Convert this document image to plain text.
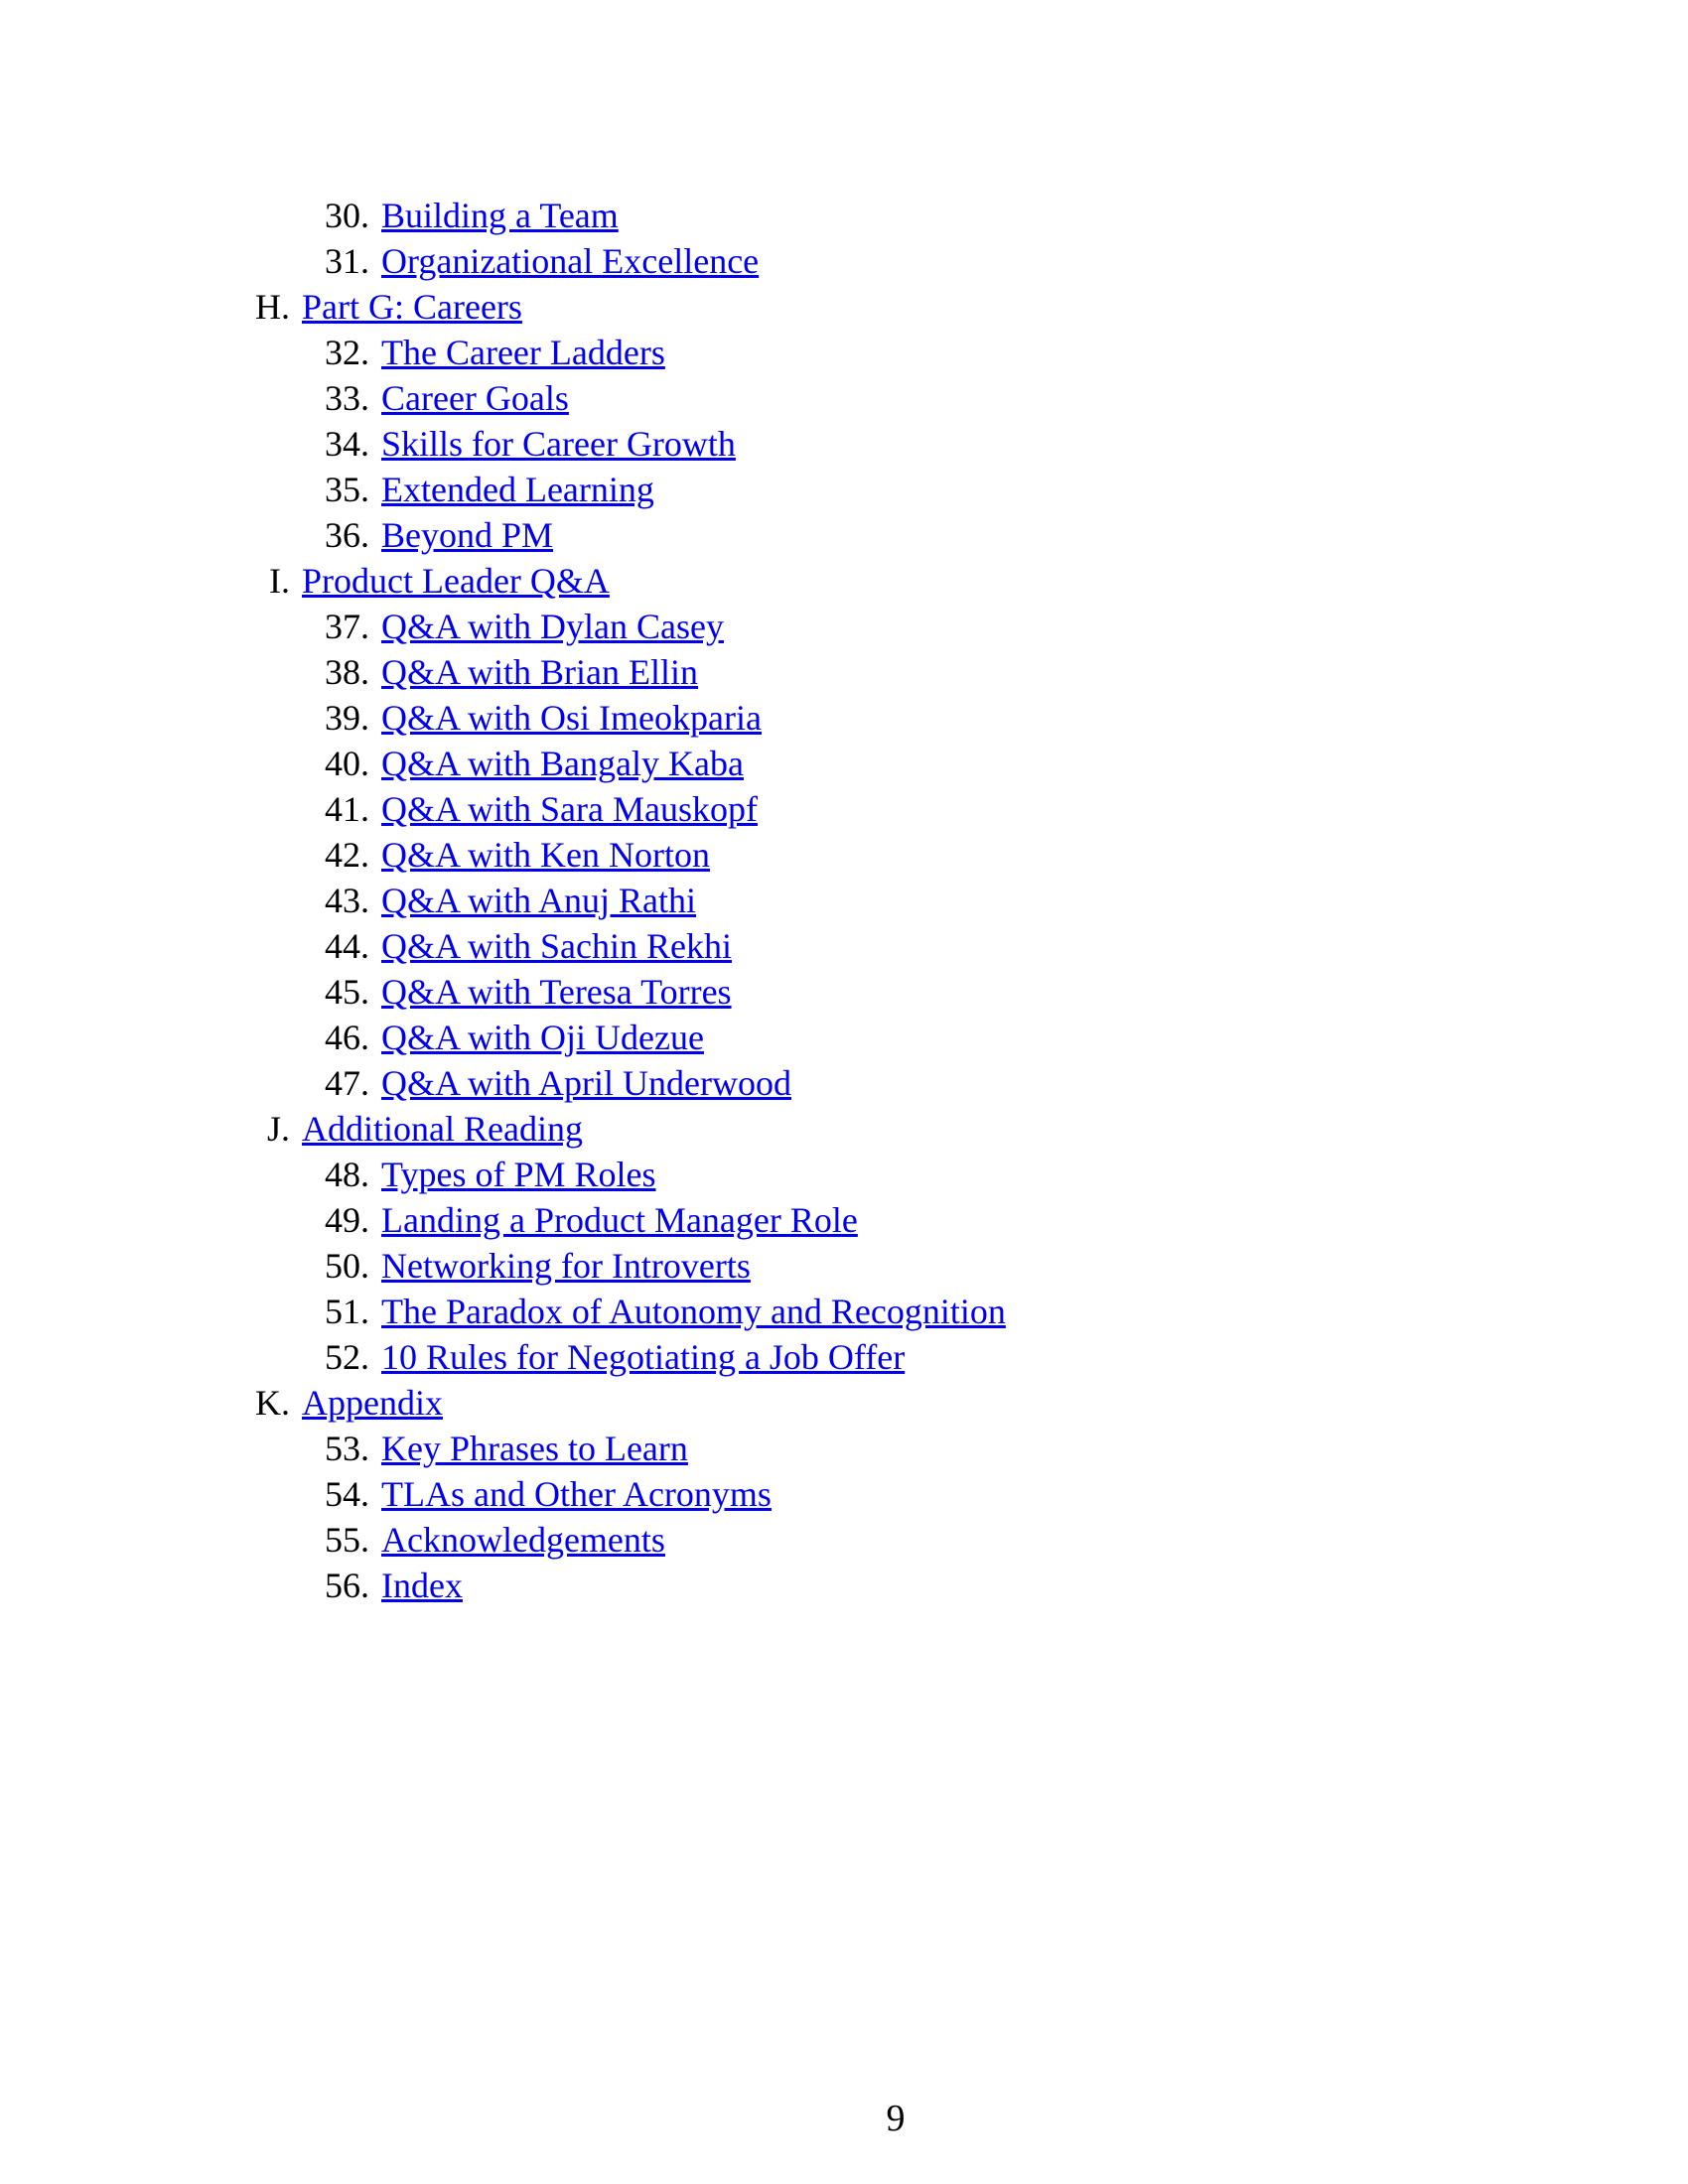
30. Building a Team
31. Organizational Excellence
H. Part G: Careers
32. The Career Ladders
33. Career Goals
34. Skills for Career Growth
35. Extended Learning
36. Beyond PM
I. Product Leader Q&A
37. Q&A with Dylan Casey
38. Q&A with Brian Ellin
39. Q&A with Osi Imeokparia
40. Q&A with Bangaly Kaba
41. Q&A with Sara Mauskopf
42. Q&A with Ken Norton
43. Q&A with Anuj Rathi
44. Q&A with Sachin Rekhi
45. Q&A with Teresa Torres
46. Q&A with Oji Udezue
47. Q&A with April Underwood
J. Additional Reading
48. Types of PM Roles
49. Landing a Product Manager Role
50. Networking for Introverts
51. The Paradox of Autonomy and Recognition
52. 10 Rules for Negotiating a Job Offer
K. Appendix
53. Key Phrases to Learn
54. TLAs and Other Acronyms
55. Acknowledgements
56. Index
9
